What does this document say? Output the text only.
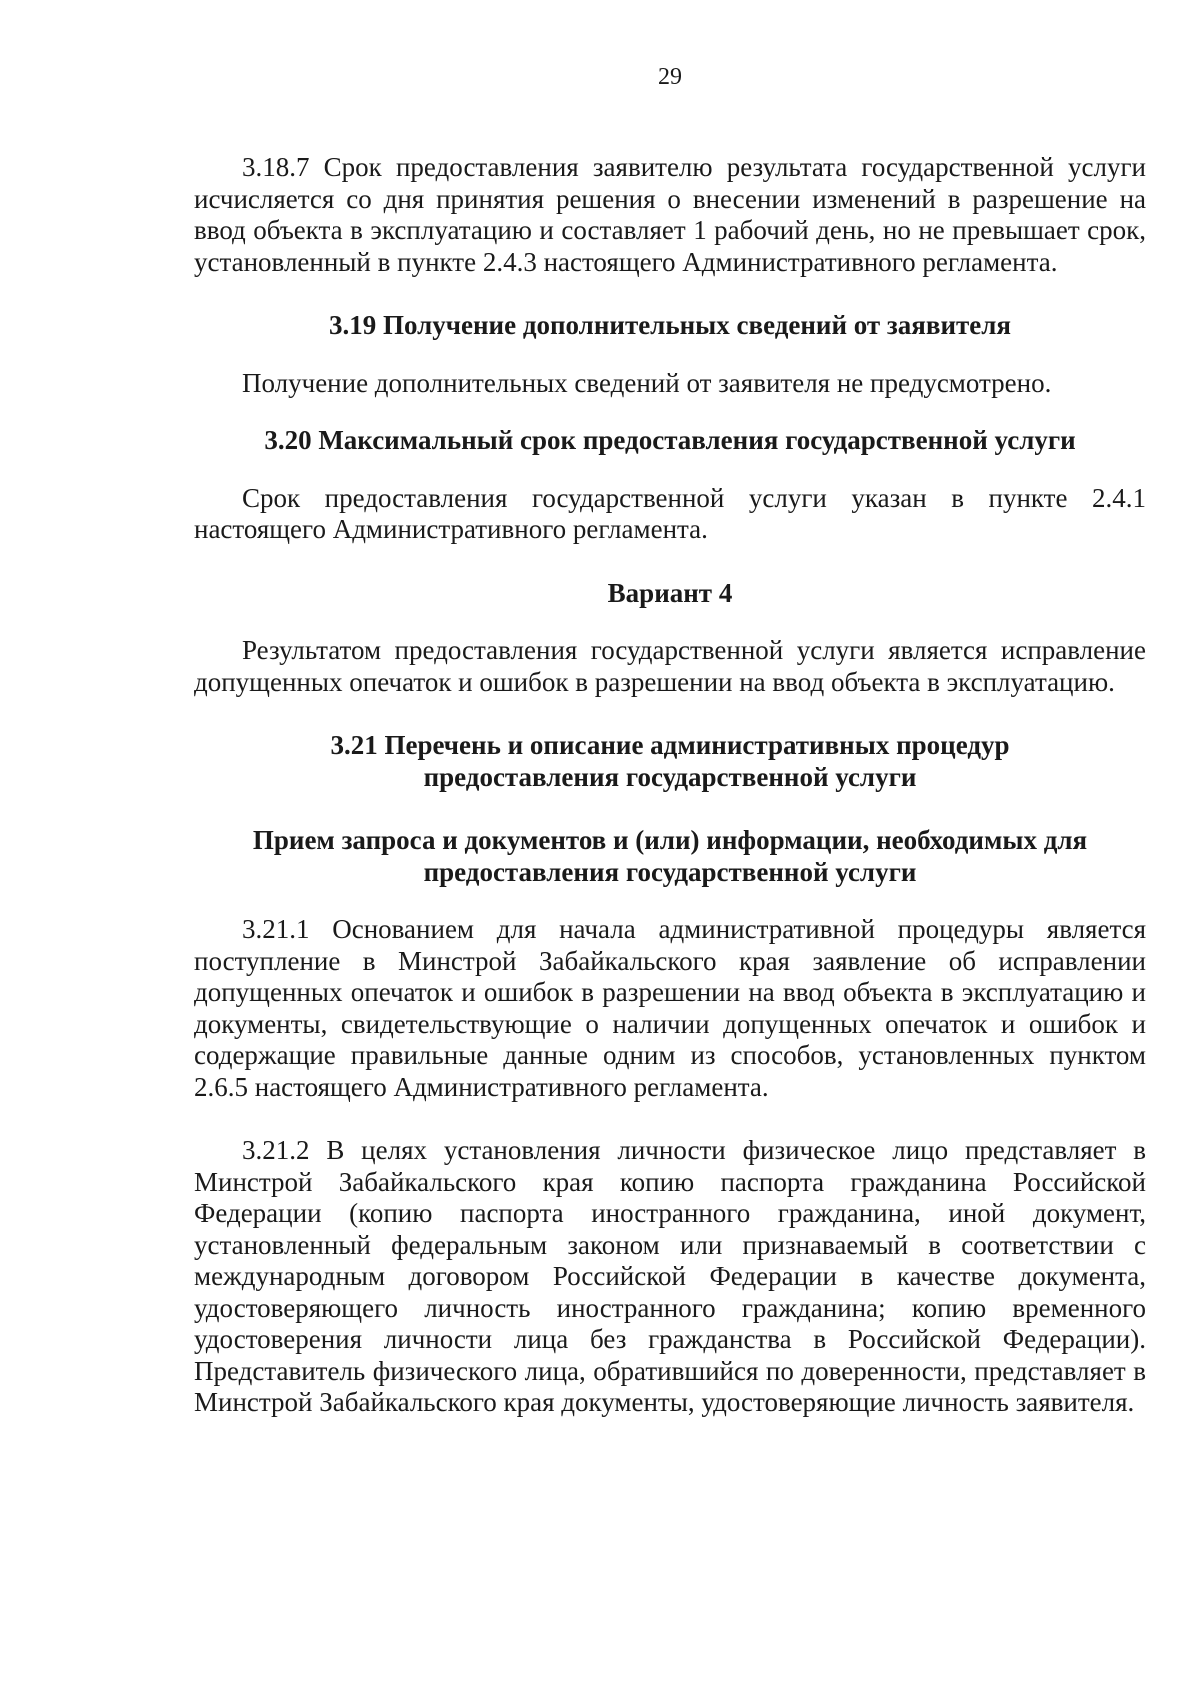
29

3.18.7 Срок предоставления заявителю результата государственной услуги исчисляется со дня принятия решения о внесении изменений в разрешение на ввод объекта в эксплуатацию и составляет 1 рабочий день, но не превышает срок, установленный в пункте 2.4.3 настоящего Административного регламента.

3.19 Получение дополнительных сведений от заявителя

Получение дополнительных сведений от заявителя не предусмотрено.

3.20 Максимальный срок предоставления государственной услуги

Срок предоставления государственной услуги указан в пункте 2.4.1 настоящего Административного регламента.

Вариант 4

Результатом предоставления государственной услуги является исправление допущенных опечаток и ошибок в разрешении на ввод объекта в эксплуатацию.

3.21 Перечень и описание административных процедур
предоставления государственной услуги
Прием запроса и документов и (или) информации, необходимых для
предоставления государственной услуги

3.21.1 Основанием для начала административной процедуры является поступление в Минстрой Забайкальского края заявление об исправлении допущенных опечаток и ошибок в разрешении на ввод объекта в эксплуатацию и документы, свидетельствующие о наличии допущенных опечаток и ошибок и содержащие правильные данные одним из способов, установленных пунктом 2.6.5 настоящего Административного регламента.

3.21.2 В целях установления личности физическое лицо представляет в Минстрой Забайкальского края копию паспорта гражданина Российской Федерации (копию паспорта иностранного гражданина, иной документ, установленный федеральным законом или признаваемый в соответствии с международным договором Российской Федерации в качестве документа, удостоверяющего личность иностранного гражданина; копию временного удостоверения личности лица без гражданства в Российской Федерации). Представитель физического лица, обратившийся по доверенности, представляет в Минстрой Забайкальского края документы, удостоверяющие личность заявителя.
